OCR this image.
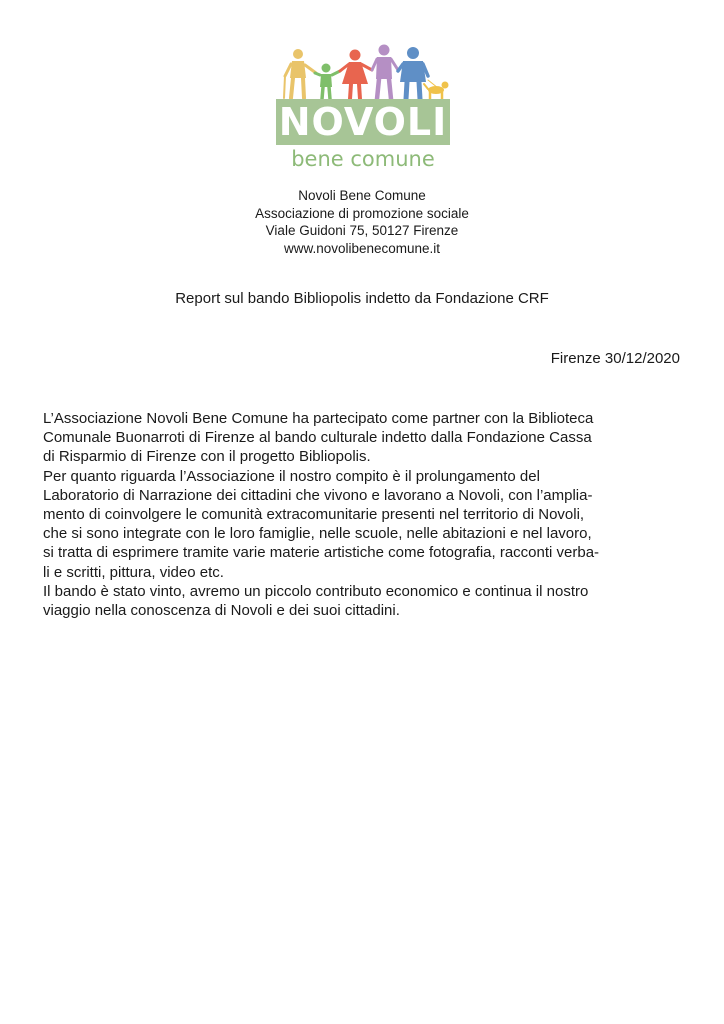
NOVOLI
bene comune
Novoli Bene Comune
Associazione di promozione sociale
Viale Guidoni 75, 50127 Firenze
www.novolibenecomune.it
Report sul bando Bibliopolis indetto da Fondazione CRF
Firenze 30/12/2020
L’Associazione Novoli Bene Comune ha partecipato come partner con la Biblioteca
Comunale Buonarroti di Firenze al bando culturale indetto dalla Fondazione Cassa
di Risparmio di Firenze con il progetto Bibliopolis.
Per quanto riguarda l’Associazione il nostro compito è il prolungamento del
Laboratorio di Narrazione dei cittadini che vivono e lavorano a Novoli, con l’amplia-
mento di coinvolgere le comunità extracomunitarie presenti nel territorio di Novoli,
che si sono integrate con le loro famiglie, nelle scuole, nelle abitazioni e nel lavoro,
si tratta di esprimere tramite varie materie artistiche come fotografia, racconti verba-
li e scritti, pittura, video etc.
Il bando è stato vinto, avremo un piccolo contributo economico e continua il nostro
viaggio nella conoscenza di Novoli e dei suoi cittadini.
